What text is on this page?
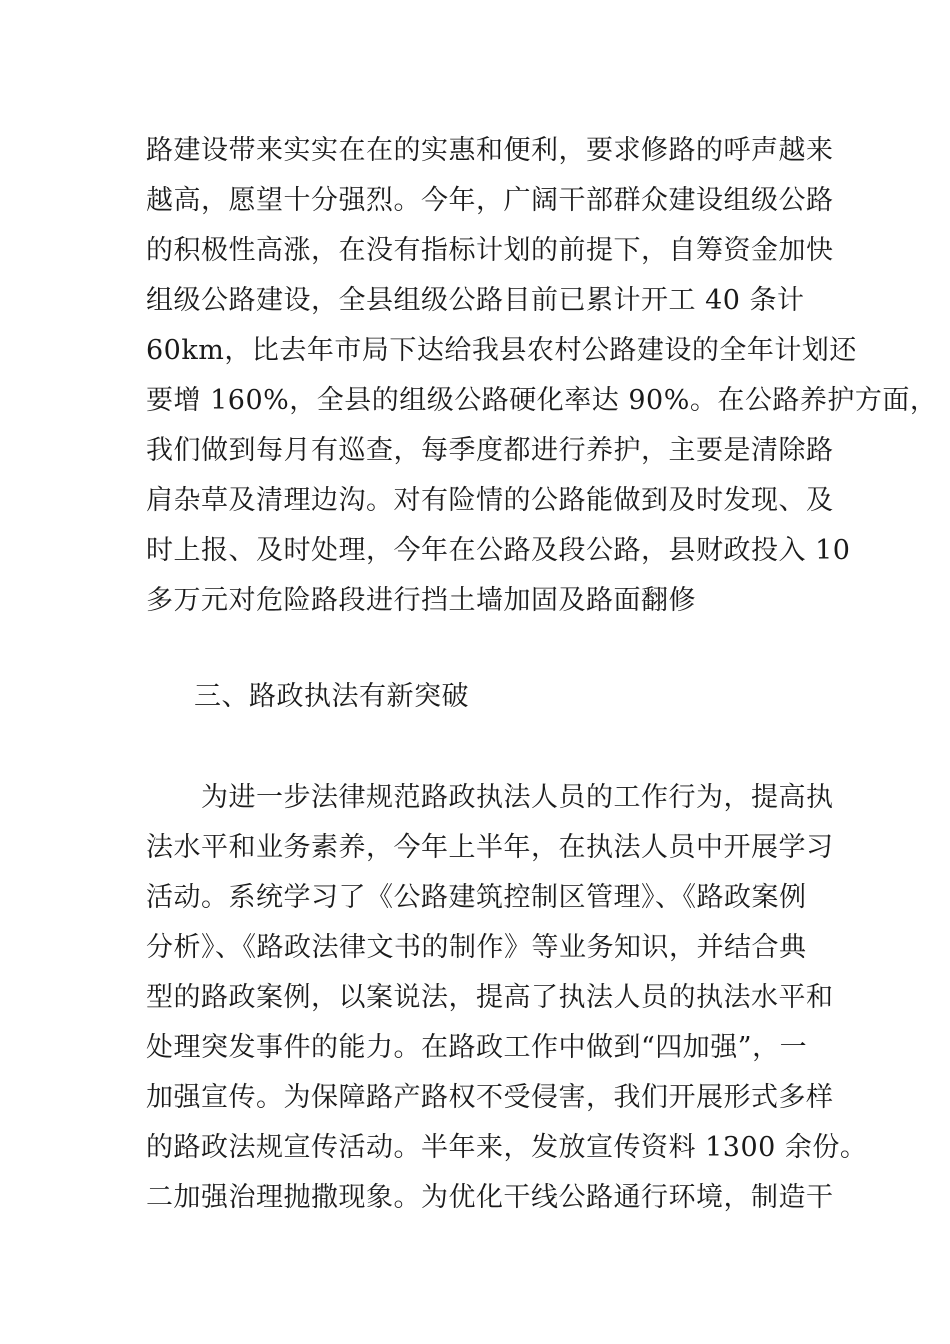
路建设带来实实在在的实惠和便利，要求修路的呼声越来
越高，愿望十分强烈。今年，广阔干部群众建设组级公路
的积极性高涨，在没有指标计划的前提下，自筹资金加快
组级公路建设，全县组级公路目前已累计开工 40 条计
60km，比去年市局下达给我县农村公路建设的全年计划还
要增 160%，全县的组级公路硬化率达 90%。在公路养护方面，
我们做到每月有巡查，每季度都进行养护，主要是清除路
肩杂草及清理边沟。对有险情的公路能做到及时发现、及
时上报、及时处理，今年在公路及段公路，县财政投入 10
多万元对危险路段进行挡土墙加固及路面翻修
三、路政执法有新突破
　　为进一步法律规范路政执法人员的工作行为，提高执
法水平和业务素养，今年上半年，在执法人员中开展学习
活动。系统学习了《公路建筑控制区管理》、《路政案例
分析》、《路政法律文书的制作》等业务知识，并结合典
型的路政案例，以案说法，提高了执法人员的执法水平和
处理突发事件的能力。在路政工作中做到“四加强”，一
加强宣传。为保障路产路权不受侵害，我们开展形式多样
的路政法规宣传活动。半年来，发放宣传资料 1300 余份。
二加强治理抛撒现象。为优化干线公路通行环境，制造干
